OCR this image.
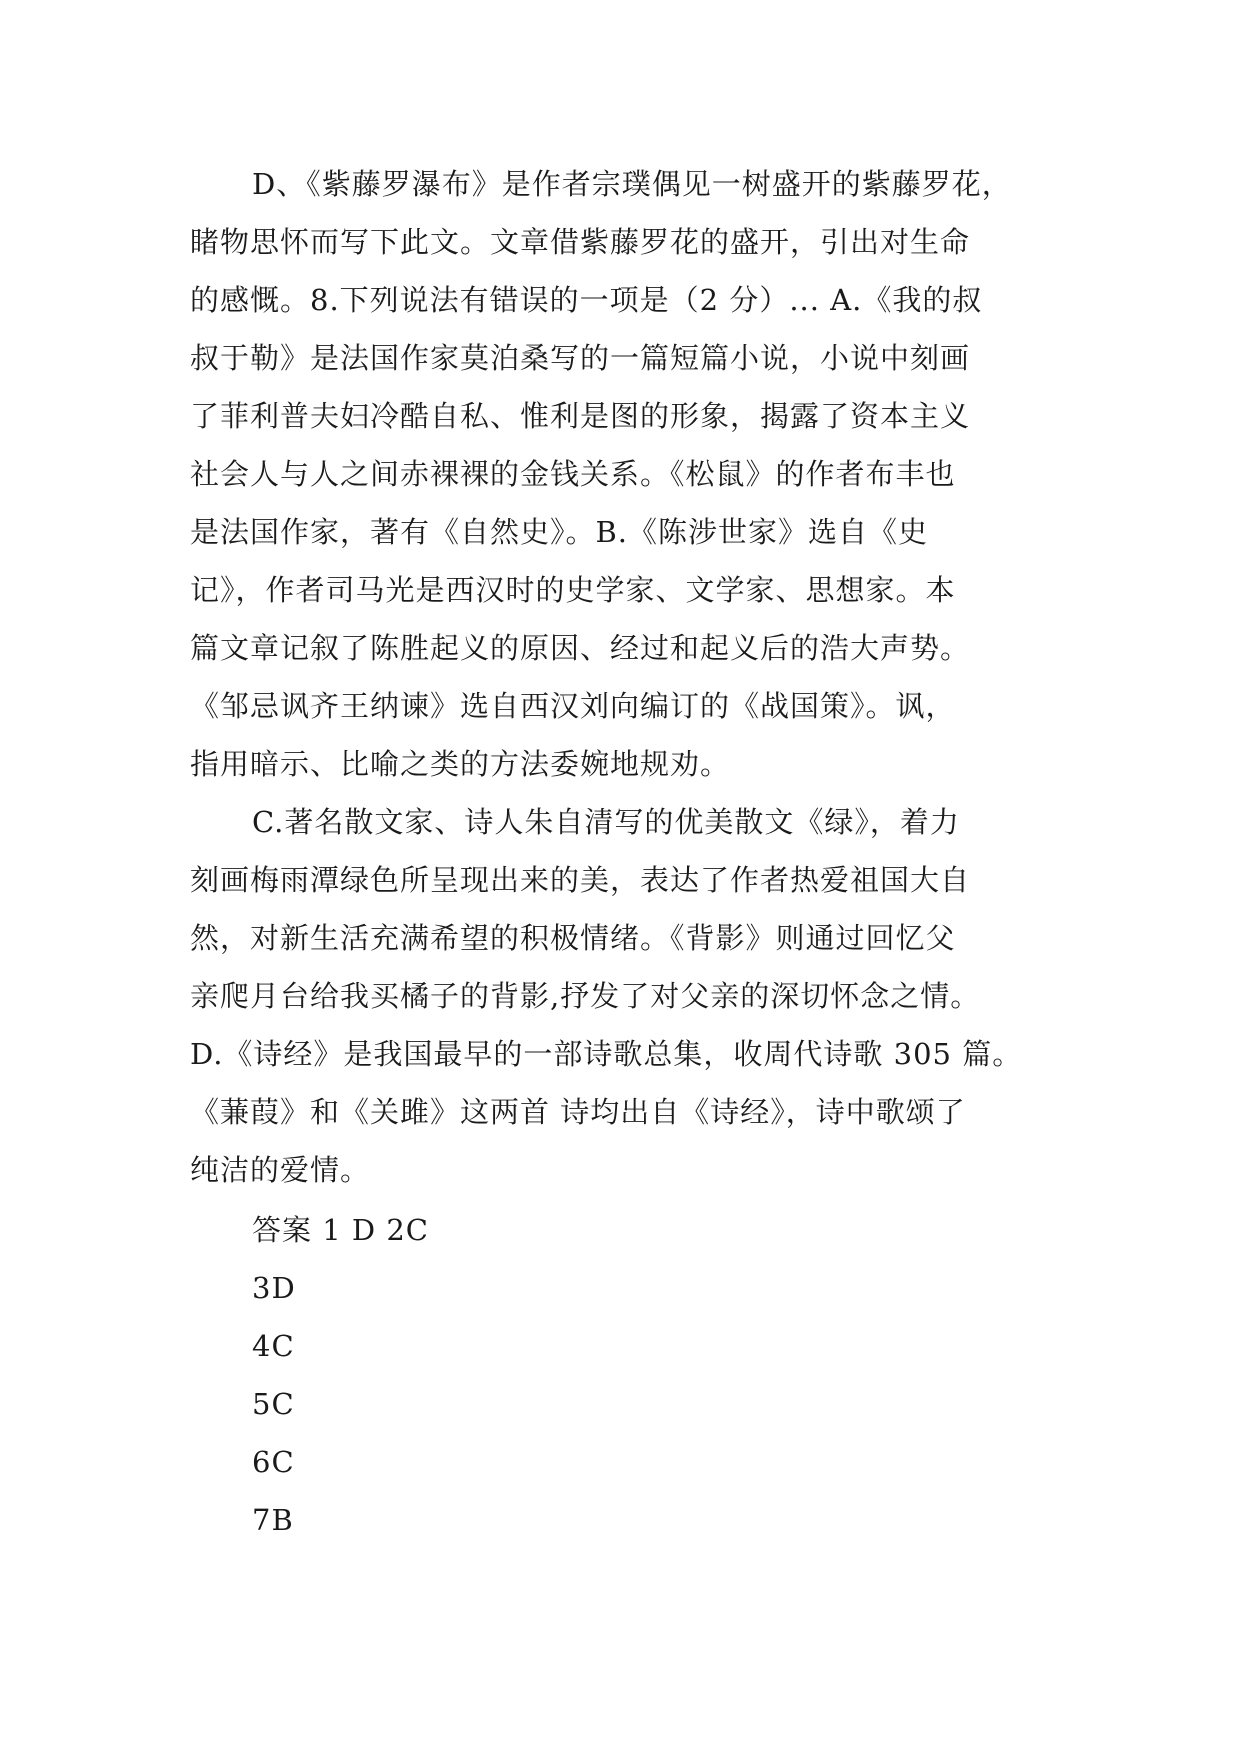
D、《紫藤罗瀑布》是作者宗璞偶见一树盛开的紫藤罗花，
睹物思怀而写下此文。文章借紫藤罗花的盛开，引出对生命
的感慨。8.下列说法有错误的一项是（2 分）... A.《我的叔
叔于勒》是法国作家莫泊桑写的一篇短篇小说，小说中刻画
了菲利普夫妇冷酷自私、惟利是图的形象，揭露了资本主义
社会人与人之间赤裸裸的金钱关系。《松鼠》的作者布丰也
是法国作家，著有《自然史》。B.《陈涉世家》选自《史
记》，作者司马光是西汉时的史学家、文学家、思想家。本
篇文章记叙了陈胜起义的原因、经过和起义后的浩大声势。
《邹忌讽齐王纳谏》选自西汉刘向编订的《战国策》。讽，
指用暗示、比喻之类的方法委婉地规劝。
C.著名散文家、诗人朱自清写的优美散文《绿》，着力
刻画梅雨潭绿色所呈现出来的美，表达了作者热爱祖国大自
然，对新生活充满希望的积极情绪。《背影》则通过回忆父
亲爬月台给我买橘子的背影,抒发了对父亲的深切怀念之情。
D.《诗经》是我国最早的一部诗歌总集，收周代诗歌 305 篇。
《蒹葭》和《关雎》这两首 诗均出自《诗经》，诗中歌颂了
纯洁的爱情。
答案 1 D 2C
3D
4C
5C
6C
7B
